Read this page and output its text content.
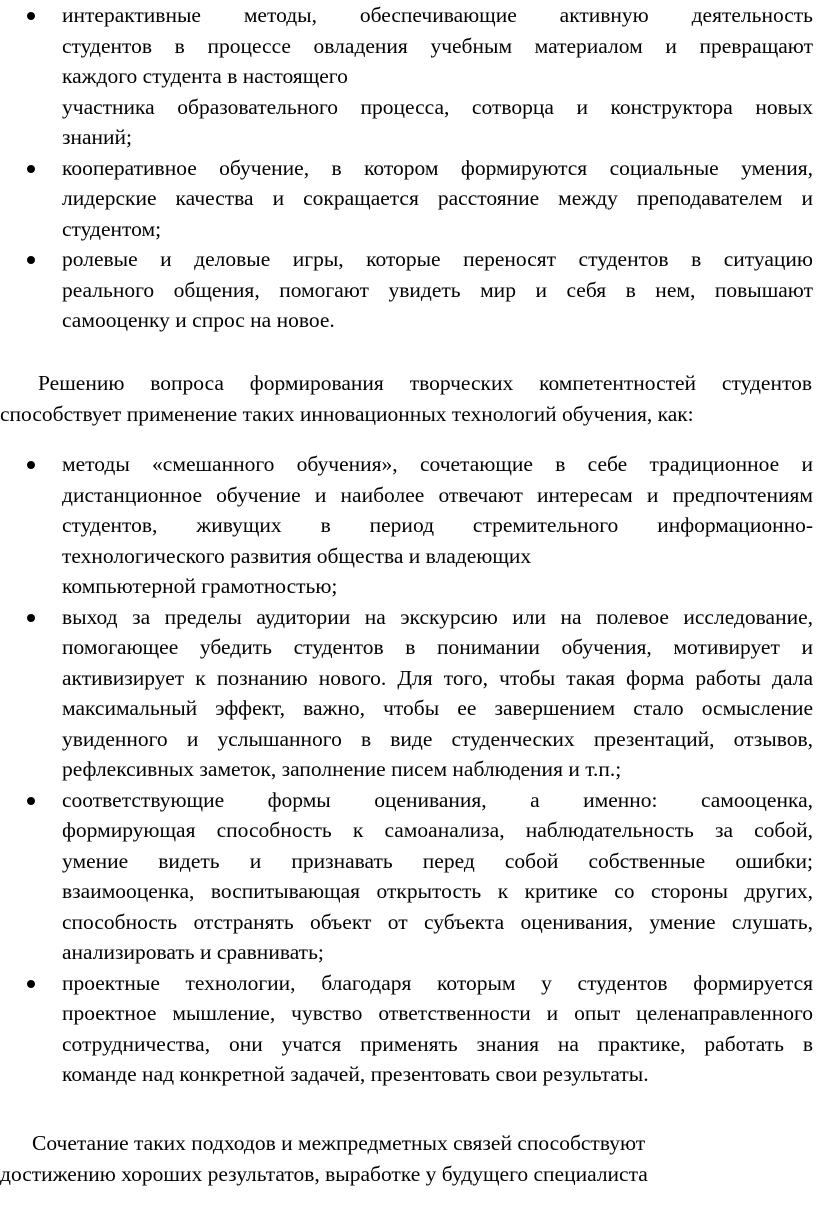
интерактивные методы, обеспечивающие активную деятельность
студентов в процессе овладения учебным материалом и превращают
каждого студента в настоящего
участника образовательного процесса, сотворца и конструктора новых
знаний;
кооперативное обучение, в котором формируются социальные умения,
лидерские качества и сокращается расстояние между преподавателем и
студентом;
ролевые и деловые игры, которые переносят студентов в ситуацию
реального общения, помогают увидеть мир и себя в нем, повышают
самооценку и спрос на новое.
Решению вопроса формирования творческих компетентностей студентов
способствует применение таких инновационных технологий обучения, как:
методы «смешанного обучения», сочетающие в себе традиционное и
дистанционное обучение и наиболее отвечают интересам и предпочтениям
студентов, живущих в период стремительного информационно-
технологического развития общества и владеющих
компьютерной грамотностью;
выход за пределы аудитории на экскурсию или на полевое исследование,
помогающее убедить студентов в понимании обучения, мотивирует и
активизирует к познанию нового. Для того, чтобы такая форма работы дала
максимальный эффект, важно, чтобы ее завершением стало осмысление
увиденного и услышанного в виде студенческих презентаций, отзывов,
рефлексивных заметок, заполнение писем наблюдения и т.п.;
соответствующие формы оценивания, а именно: самооценка,
формирующая способность к самоанализа, наблюдательность за собой,
умение видеть и признавать перед собой собственные ошибки;
взаимооценка, воспитывающая открытость к критике со стороны других,
способность отстранять объект от субъекта оценивания, умение слушать,
анализировать и сравнивать;
проектные технологии, благодаря которым у студентов формируется
проектное мышление, чувство ответственности и опыт целенаправленного
сотрудничества, они учатся применять знания на практике, работать в
команде над конкретной задачей, презентовать свои результаты.
Сочетание таких подходов и межпредметных связей способствуют
достижению хороших результатов, выработке у будущего специалиста
